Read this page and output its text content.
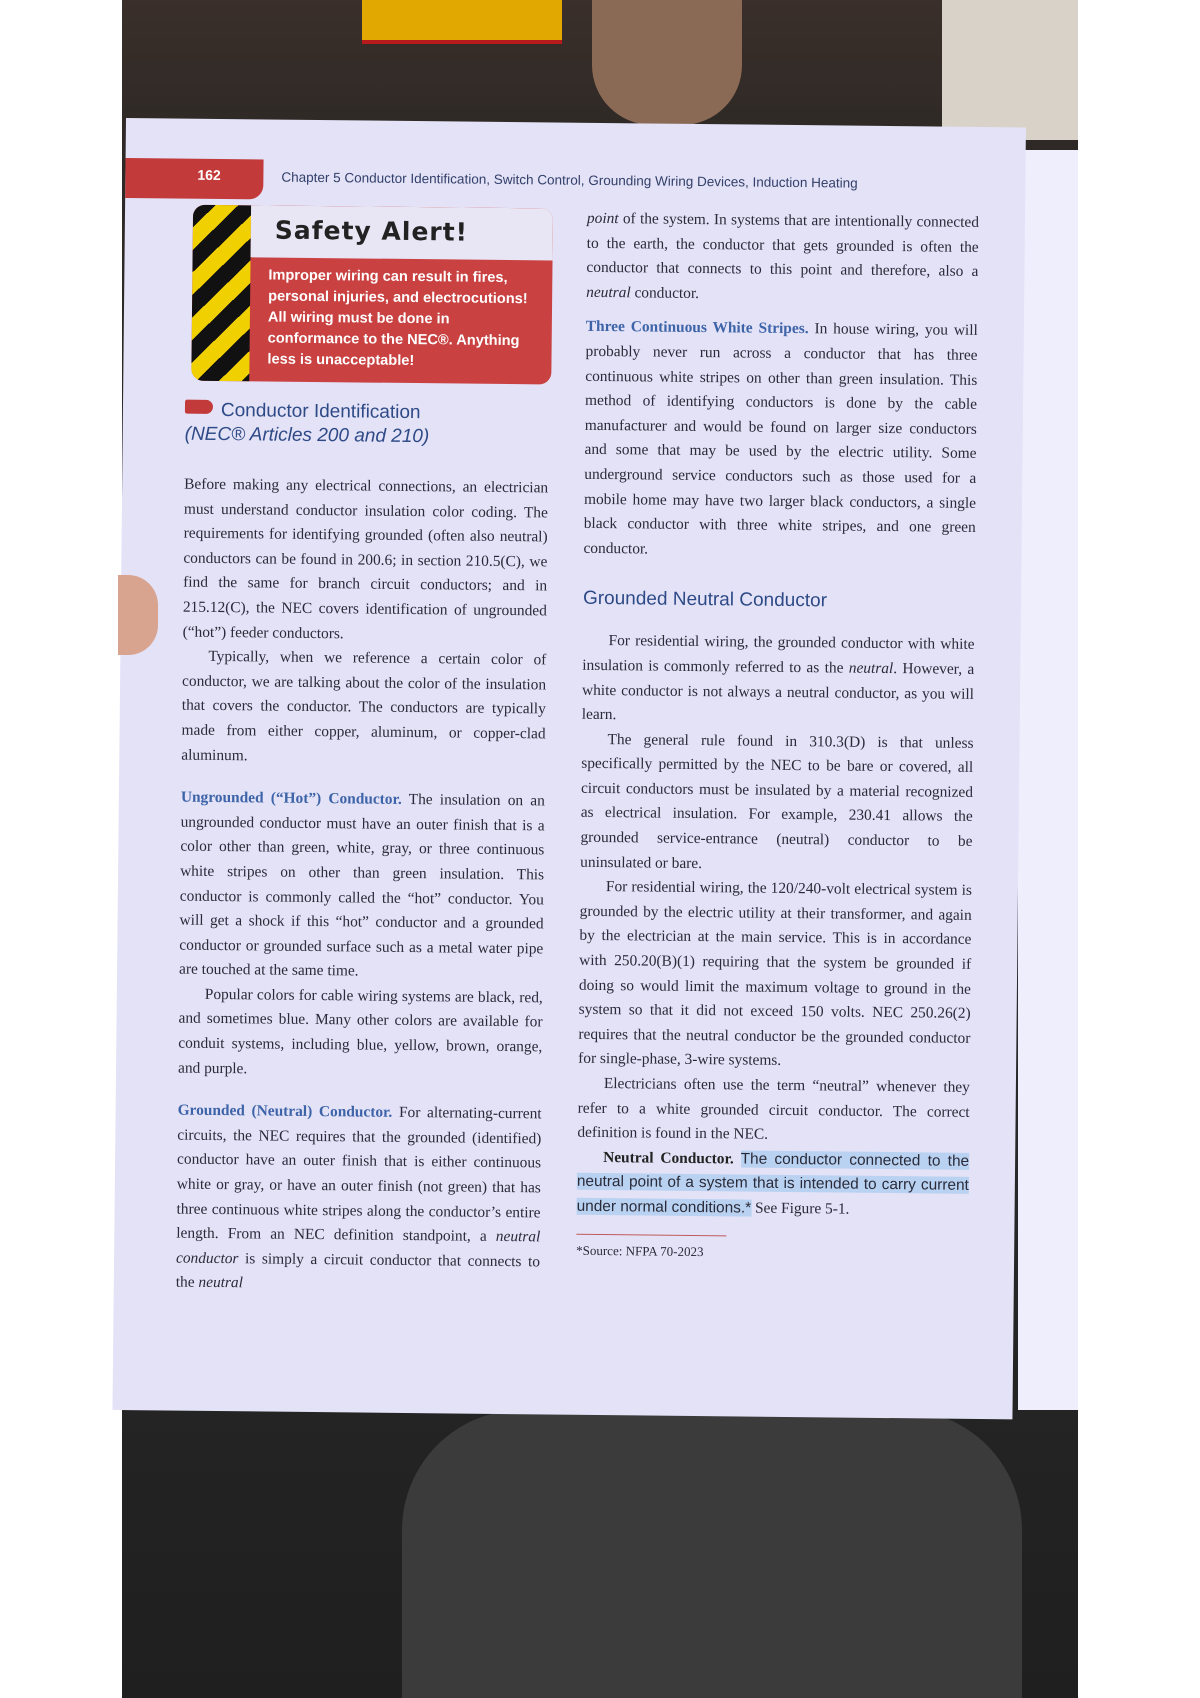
162	Chapter 5 Conductor Identification, Switch Control, Grounding Wiring Devices, Induction Heating
Safety Alert!
Improper wiring can result in fires, personal injuries, and electrocutions! All wiring must be done in conformance to the NEC®. Anything less is unacceptable!
Conductor Identification
(NEC® Articles 200 and 210)

Before making any electrical connections, an electrician must understand conductor insulation color coding. The requirements for identifying grounded (often also neutral) conductors can be found in 200.6; in section 210.5(C), we find the same for branch circuit conductors; and in 215.12(C), the NEC covers identification of ungrounded (“hot”) feeder conductors.

Typically, when we reference a certain color of conductor, we are talking about the color of the insulation that covers the conductor. The conductors are typically made from either copper, aluminum, or copper-clad aluminum.

Ungrounded (“Hot”) Conductor. The insulation on an ungrounded conductor must have an outer finish that is a color other than green, white, gray, or three continuous white stripes on other than green insulation. This conductor is commonly called the “hot” conductor. You will get a shock if this “hot” conductor and a grounded conductor or grounded surface such as a metal water pipe are touched at the same time.

Popular colors for cable wiring systems are black, red, and sometimes blue. Many other colors are available for conduit systems, including blue, yellow, brown, orange, and purple.

Grounded (Neutral) Conductor. For alternating-current circuits, the NEC requires that the grounded (identified) conductor have an outer finish that is either continuous white or gray, or have an outer finish (not green) that has three continuous white stripes along the conductor’s entire length. From an NEC definition standpoint, a neutral conductor is simply a circuit conductor that connects to the neutral

point of the system. In systems that are intentionally connected to the earth, the conductor that gets grounded is often the conductor that connects to this point and therefore, also a neutral conductor.

Three Continuous White Stripes. In house wiring, you will probably never run across a conductor that has three continuous white stripes on other than green insulation. This method of identifying conductors is done by the cable manufacturer and would be found on larger size conductors and some that may be used by the electric utility. Some underground service conductors such as those used for a mobile home may have two larger black conductors, a single black conductor with three white stripes, and one green conductor.

Grounded Neutral Conductor

For residential wiring, the grounded conductor with white insulation is commonly referred to as the neutral. However, a white conductor is not always a neutral conductor, as you will learn.

The general rule found in 310.3(D) is that unless specifically permitted by the NEC to be bare or covered, all circuit conductors must be insulated by a material recognized as electrical insulation. For example, 230.41 allows the grounded service-entrance (neutral) conductor to be uninsulated or bare.

For residential wiring, the 120/240-volt electrical system is grounded by the electric utility at their transformer, and again by the electrician at the main service. This is in accordance with 250.20(B)(1) requiring that the system be grounded if doing so would limit the maximum voltage to ground in the system so that it did not exceed 150 volts. NEC 250.26(2) requires that the neutral conductor be the grounded conductor for single-phase, 3-wire systems.

Electricians often use the term “neutral” whenever they refer to a white grounded circuit conductor. The correct definition is found in the NEC.

Neutral Conductor. The conductor connected to the neutral point of a system that is intended to carry current under normal conditions.* See Figure 5-1.

*Source: NFPA 70-2023
